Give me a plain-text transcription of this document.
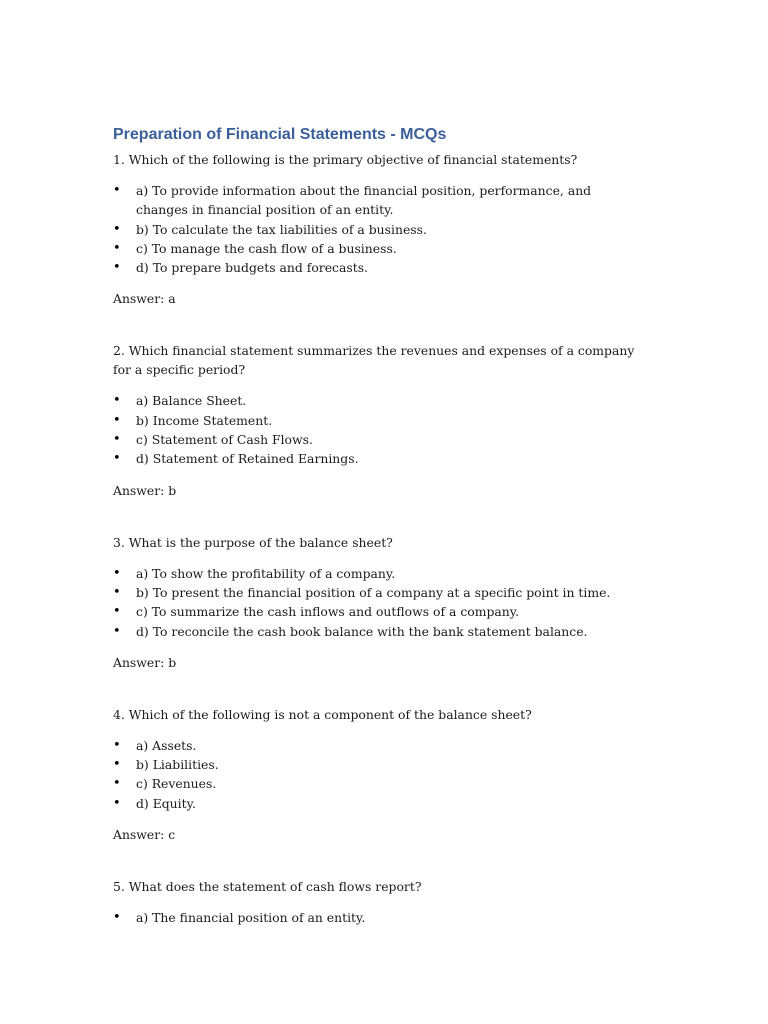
Preparation of Financial Statements - MCQs

1. Which of the following is the primary objective of financial statements?

• a) To provide information about the financial position, performance, and changes in financial position of an entity.
• b) To calculate the tax liabilities of a business.
• c) To manage the cash flow of a business.
• d) To prepare budgets and forecasts.

Answer: a

2. Which financial statement summarizes the revenues and expenses of a company for a specific period?

• a) Balance Sheet.
• b) Income Statement.
• c) Statement of Cash Flows.
• d) Statement of Retained Earnings.

Answer: b

3. What is the purpose of the balance sheet?

• a) To show the profitability of a company.
• b) To present the financial position of a company at a specific point in time.
• c) To summarize the cash inflows and outflows of a company.
• d) To reconcile the cash book balance with the bank statement balance.

Answer: b

4. Which of the following is not a component of the balance sheet?

• a) Assets.
• b) Liabilities.
• c) Revenues.
• d) Equity.

Answer: c

5. What does the statement of cash flows report?

• a) The financial position of an entity.
